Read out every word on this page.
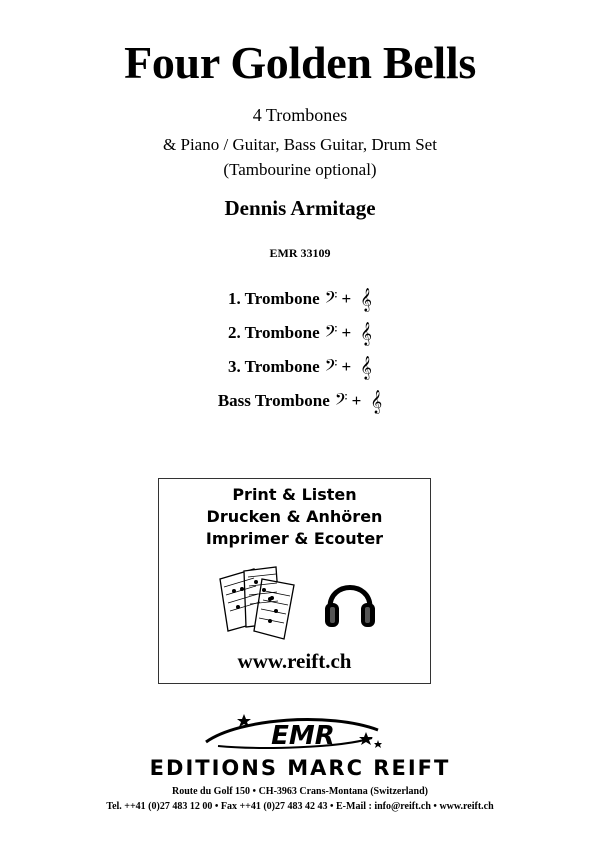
Four Golden Bells
4 Trombones
& Piano / Guitar, Bass Guitar, Drum Set
(Tambourine optional)
Dennis Armitage
EMR 33109
1. Trombone 𝄢 + 𝄞
2. Trombone 𝄢 + 𝄞
3. Trombone 𝄢 + 𝄞
Bass Trombone 𝄢 + 𝄞
Print & Listen
Drucken & Anhören
Imprimer & Ecouter
www.reift.ch
EMR
EDITIONS MARC REIFT
Route du Golf 150 • CH-3963 Crans-Montana (Switzerland)
Tel. ++41 (0)27 483 12 00 • Fax ++41 (0)27 483 42 43 • E-Mail : info@reift.ch • www.reift.ch
